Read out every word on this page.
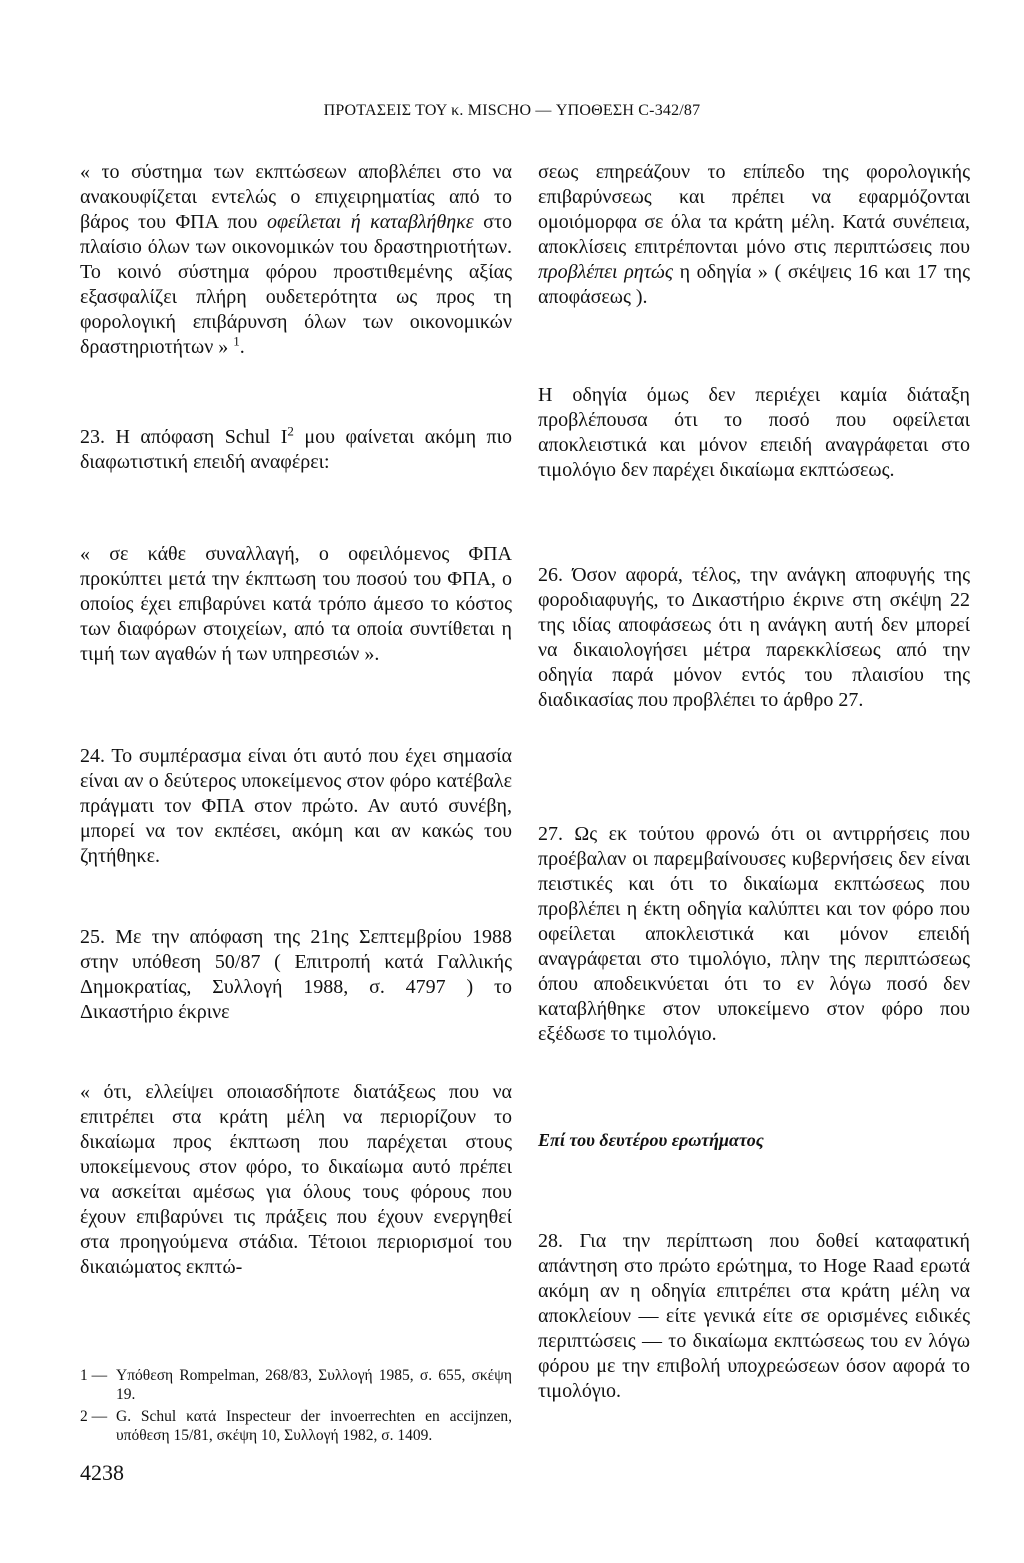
ΠΡΟΤΑΣΕΙΣ ΤΟΥ κ. MISCHO — ΥΠΟΘΕΣΗ C-342/87

« το σύστημα των εκπτώσεων αποβλέπει στο να ανακουφίζεται εντελώς ο επιχειρηματίας από το βάρος του ΦΠΑ που οφείλεται ή καταβλήθηκε στο πλαίσιο όλων των οικονομικών του δραστηριοτήτων. Το κοινό σύστημα φόρου προστιθεμένης αξίας εξασφαλίζει πλήρη ουδετερότητα ως προς τη φορολογική επιβάρυνση όλων των οικονομικών δραστηριοτήτων » $^1$.

23. Η απόφαση Schul $I^2$ μου φαίνεται ακόμη πιο διαφωτιστική επειδή αναφέρει:

« σε κάθε συναλλαγή, ο οφειλόμενος ΦΠΑ προκύπτει μετά την έκπτωση του ποσού του ΦΠΑ, ο οποίος έχει επιβαρύνει κατά τρόπο άμεσο το κόστος των διαφόρων στοιχείων, από τα οποία συντίθεται η τιμή των αγαθών ή των υπηρεσιών ».

24. Το συμπέρασμα είναι ότι αυτό που έχει σημασία είναι αν ο δεύτερος υποκείμενος στον φόρο κατέβαλε πράγματι τον ΦΠΑ στον πρώτο. Αν αυτό συνέβη, μπορεί να τον εκπέσει, ακόμη και αν κακώς του ζητήθηκε.

25. Με την απόφαση της 21ης Σεπτεμβρίου 1988 στην υπόθεση 50/87 ( Επιτροπή κατά Γαλλικής Δημοκρατίας, Συλλογή 1988, σ. 4797 ) το Δικαστήριο έκρινε

« ότι, ελλείψει οποιασδήποτε διατάξεως που να επιτρέπει στα κράτη μέλη να περιορίζουν το δικαίωμα προς έκπτωση που παρέχεται στους υποκείμενους στον φόρο, το δικαίωμα αυτό πρέπει να ασκείται αμέσως για όλους τους φόρους που έχουν επιβαρύνει τις πράξεις που έχουν ενεργηθεί στα προηγούμενα στάδια. Τέτοιοι περιορισμοί του δικαιώματος εκπτώ-

1 — Υπόθεση Rompelman, 268/83, Συλλογή 1985, σ. 655, σκέψη 19.
2 — G. Schul κατά Inspecteur der invoerrechten en accijnzen, υπόθεση 15/81, σκέψη 10, Συλλογή 1982, σ. 1409.
4238

σεως επηρεάζουν το επίπεδο της φορολογικής επιβαρύνσεως και πρέπει να εφαρμόζονται ομοιόμορφα σε όλα τα κράτη μέλη. Κατά συνέπεια, αποκλίσεις επιτρέπονται μόνο στις περιπτώσεις που προβλέπει ρητώς η οδηγία » ( σκέψεις 16 και 17 της αποφάσεως ).

Η οδηγία όμως δεν περιέχει καμία διάταξη προβλέπουσα ότι το ποσό που οφείλεται αποκλειστικά και μόνον επειδή αναγράφεται στο τιμολόγιο δεν παρέχει δικαίωμα εκπτώσεως.

26. Όσον αφορά, τέλος, την ανάγκη αποφυγής της φοροδιαφυγής, το Δικαστήριο έκρινε στη σκέψη 22 της ιδίας αποφάσεως ότι η ανάγκη αυτή δεν μπορεί να δικαιολογήσει μέτρα παρεκκλίσεως από την οδηγία παρά μόνον εντός του πλαισίου της διαδικασίας που προβλέπει το άρθρο 27.

27. Ως εκ τούτου φρονώ ότι οι αντιρρήσεις που προέβαλαν οι παρεμβαίνουσες κυβερνήσεις δεν είναι πειστικές και ότι το δικαίωμα εκπτώσεως που προβλέπει η έκτη οδηγία καλύπτει και τον φόρο που οφείλεται αποκλειστικά και μόνον επειδή αναγράφεται στο τιμολόγιο, πλην της περιπτώσεως όπου αποδεικνύεται ότι το εν λόγω ποσό δεν καταβλήθηκε στον υποκείμενο στον φόρο που εξέδωσε το τιμολόγιο.

Επί του δευτέρου ερωτήματος

28. Για την περίπτωση που δοθεί καταφατική απάντηση στο πρώτο ερώτημα, το Hoge Raad ερωτά ακόμη αν η οδηγία επιτρέπει στα κράτη μέλη να αποκλείουν — είτε γενικά είτε σε ορισμένες ειδικές περιπτώσεις — το δικαίωμα εκπτώσεως του εν λόγω φόρου με την επιβολή υποχρεώσεων όσον αφορά το τιμολόγιο.
